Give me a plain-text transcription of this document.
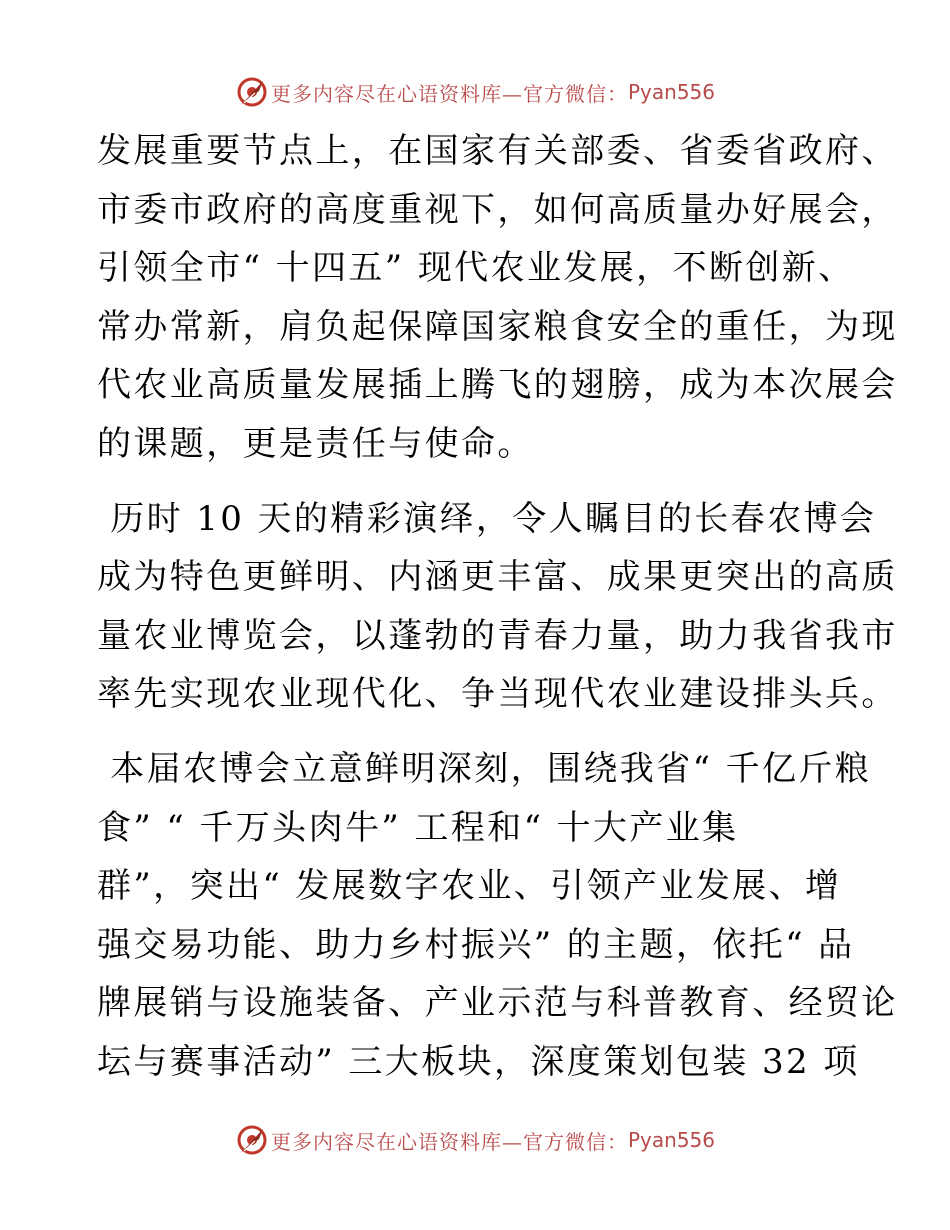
更多内容尽在心语资料库—官方微信： Pyan556
发展重要节点上，在国家有关部委、省委省政府、
市委市政府的高度重视下，如何高质量办好展会，
引领全市“ 十四五” 现代农业发展，不断创新、
常办常新，肩负起保障国家粮食安全的重任，为现
代农业高质量发展插上腾飞的翅膀，成为本次展会
的课题，更是责任与使命。
历时 10 天的精彩演绎，令人瞩目的长春农博会
成为特色更鲜明、内涵更丰富、成果更突出的高质
量农业博览会，以蓬勃的青春力量，助力我省我市
率先实现农业现代化、争当现代农业建设排头兵。
本届农博会立意鲜明深刻，围绕我省“ 千亿斤粮
食” “ 千万头肉牛” 工程和“ 十大产业集
群”，突出“ 发展数字农业、引领产业发展、增
强交易功能、助力乡村振兴” 的主题，依托“ 品
牌展销与设施装备、产业示范与科普教育、经贸论
坛与赛事活动” 三大板块，深度策划包装 32 项
更多内容尽在心语资料库—官方微信： Pyan556
